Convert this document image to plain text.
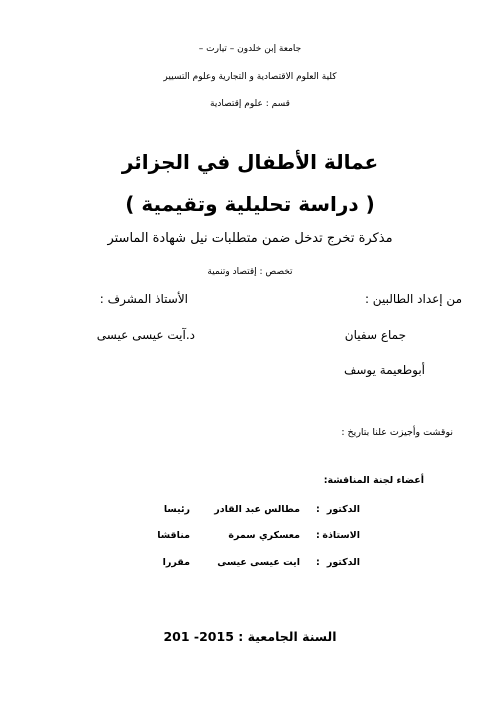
جامعة إبن خلدون – تيارت –
كلية العلوم الاقتصادية و التجارية وعلوم التسيير
قسم : علوم إقتصادية
عمالة الأطفال في الجزائر
( دراسة تحليلية وتقيمية )
مذكرة تخرج تدخل ضمن متطلبات نيل شهادة الماستر
تخصص : إقتصاد وتنمية
من إعداد الطالبين :
الأستاذ المشرف :
جماع سفيان
د.آيت عيسى عيسى
أبوطعيمة يوسف
نوقشت وأجيزت علنا بتاريخ :
أعضاء لجنة المناقشة:
الدكتور
:
مطالس عبد القادر
رئيسا
الاستاذة
:
معسكري سمرة
مناقشا
الدكتور
:
ايت عيسى عيسى
مقررا
السنة الجامعية : 2015- 201
